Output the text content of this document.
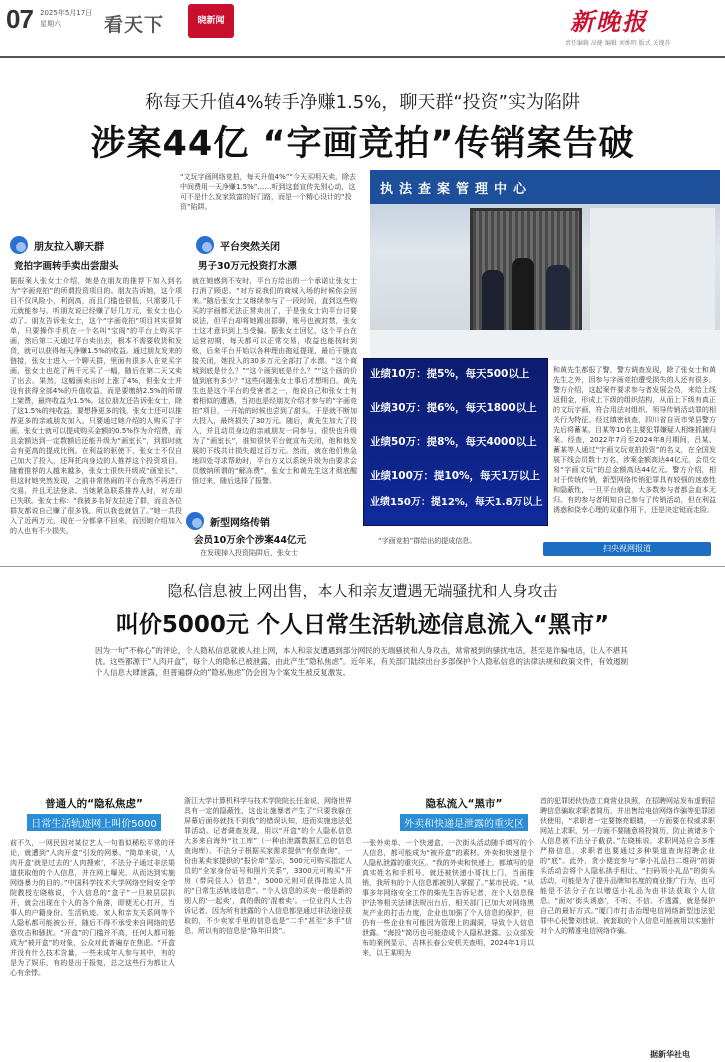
07 2025年5月17日
星期六 看天下	晓新闻	新晚报
责任编辑 高健 编辑 刘炼明 版式 关键苏
称每天升值4%转手净赚1.5%，聊天群“投资”实为陷阱
涉案44亿 “字画竞拍”传销案告破
“文玩字画网络竞拍，每天升值4%”“今天买明天卖，除去中间费用一天净赚1.5%”……听到这套宣传先别心动，这可不是什么发家致富的好门路，而是一个精心设计的“投资”陷阱。
执法查案管理中心
业绩10万：提5%，每天500以上
业绩30万：提6%，每天1800以上
业绩50万：提8%，每天4000以上
业绩100万：提10%，每天1万以上
业绩150万：提12%，每天1.8万以上
“字画竞拍”群给出的提成信息。
扫央视网报道
朋友拉入聊天群
竞拍字画转手卖出尝甜头
平台突然关闭
男子30万元投资打水漂
据报案人张女士介绍，她是在朋友的推荐下加入到名为“字画竞拍”的所谓投资项目的。朋友告诉她，这个项目不仅风险小，利润高，而且门槛也很低，只需要几千元就能参与。听朋友说已经赚了好几万元，张女士也心动了。朋友告诉张女士，这个“字画竞拍”项目其实很简单，只要操作手机在一个名叫“宝阁”的平台上购买字画，然后第二天通过平台卖出去，根本不需要收货和发货，就可以获得每天净赚1.5%的收益。通过朋友发来的链接，张女士进入一个聊天群，里面有很多人在竞买字画，张女士也花了两千元买了一幅，随后在第二天又卖了出去。果然，这幅画卖出时上涨了4%，但张女士并没有获得全部4%的升值收益，而是要缴纳2.5%的所谓上架费，最终收益为1.5%。这位朋友还告诉张女士，除了这1.5%的纯收益，要想挣更多的钱，张女士还可以推荐更多的亲戚朋友加入。只要通过她介绍的人购买了字画，张女士就可以提成购买金额的0.5%作为介绍费，而且金额达到一定数额后还能升级为“画室长”，到那时就会有更高的提成比例。在利益的驱使下，张女士不仅自己加大了投入，还拜托向身边的人推荐这个投资项目。随着推荐的人越来越多，张女士很快升级成“画室长”，但这时她突然发现，之前非常热闹的平台竟然不再进行交易，并且无法登录。当她紧急联系推荐人时，对方却已失联。张女士称：“我被多名好友拉进了群，而且各位群友都说自己赚了很多钱，所以我也就信了。”她一共投入了近两万元，现在一分都拿不回来，而因她介绍加入的人也有不少损失。
就在她感到不安时，平台方给出的一个承诺让张女士打消了顾虑。“对方说我们的商城入场的时候你会回来。”随后张女士又继续参与了一段时间，直到这些购买的字画都无法正常卖出了，于是张女士向平台讨要说法，但平台却将她踢出群聊，账号也被封禁，张女士这才意识到上当受骗。据张女士回忆，这个平台在运营初期，每天都可以正常交易，收益也能按时到账，后来平台开始以各种理由拖延提现，最后干脆直接关闭，她投入的30多万元全部打了水漂。“这个商城到底是什么？”“这个画到底是什么？”“这个画的价值到底有多少？”这些问题张女士事后才想明白。黄先生也是这个平台的受害者之一，他说自己和张女士有着相似的遭遇，当初也是经朋友介绍才参与的“字画竞拍”项目，一开始的时候也尝到了甜头，于是就不断加大投入，最终损失了30万元。随后，黄先生加大了投入，并且动员身边的亲戚朋友一同参与，很快也升级为了“画室长”，谁知很快平台就宣布关闭，他和他发展的下线共计损失超过百万元。然而，就在他们焦急地四处寻求帮助时，平台方又以系统升级为由要求会员缴纳所谓的“解冻费”，张女士和黄先生这才彻底醒悟过来，随后选择了报警。
新型网络传销
会员10万余个涉案44亿元
在发现掉入投资陷阱后，张女士
和黄先生都报了警，警方调查发现，除了张女士和黄先生之外，因参与字画竞拍遭受损失的人还有很多。警方介绍，这起案件要求参与者发展会员，来给上线返佣金，形成上下级的组织结构，从而上下级有真正的文玩字画，符合用法对组织、领导传销活动罪的相关行为特征。经过缜密侦查，四川省自贡市荣县警方先后将蓄某、目某等10名主要犯罪嫌疑人相继抓捕归案。经查，2022年7月至2024年8月期间，吕某、蓄某等人通过“字画文玩竞拍投资”的名义，在全国发展下线会员数十万名，涉案金额高达44亿元，会员交易“字画文玩”的总金额高达44亿元。警方介绍，相对于传统传销，新型网络传销犯罪具有较强的迷惑性和隐蔽性，一旦平台崩盘，大多数参与者都会血本无归。有的参与者明知自己参与了传销活动，但在利益诱惑和侥幸心理的双重作用下，还是决定铤而走险。
隐私信息被上网出售，本人和亲友遭遇无端骚扰和人身攻击
叫价5000元 个人日常生活轨迹信息流入“黑市”
因为一句“不称心”的评论，个人隐私信息就被人挂上网，本人和亲友遭遇到部分网民的无端骚扰和人身攻击，常常被到的骚扰电话，甚至是诈骗电话，让人不堪其扰。这些都源于“人肉开盒”，每个人的隐私已被泄露，由此产生“隐私焦虑”。近年来，有关部门陆续出台多部保护个人隐私信息的法律法规和政策文件，有效遏制个人信息大肆泄露，但普遍群众的“隐私焦虑”仍会因为个案发生被反复激发。
普通人的“隐私焦虑”
日常生活轨迹网上叫价5000
隐私流入“黑市”
外卖和快递是泄露的重灾区
前不久，一网民因对某位艺人一句看似稀松平常的评论，就遭到“人肉开盒”引发的网暴。“简单来说，‘人肉开盒’就是过去的‘人肉搜索’，不法分子通过非法渠道获取他的个人信息，并在网上曝光，从而达到实施网络暴力的目的。”中国科学技术大学网络空间安全学院教授左晓栋说，个人信息的“盒子”一旦被层层扒开，就会出现在个人的各个角落，即便无心打开，当事人的户籍身份、生活轨迹、家人和亲友关系网等个人隐私都可能被公开，随后不得不承受来自网络的恶意攻击和骚扰。“开盒”的门槛并不高，任何人都可能成为“被开盒”的对象，公众对此普遍存在焦虑。“开盒并没有什么技术含量，一些未成年人参与其中，有的是为了娱乐，有的是出于报复，总之这些行为都让人心有余悸。
浙江大学计算机科学与技术学院院长任奎说，网络世界具有一定的隐蔽性，这也让施暴者产生了“只要我躲在屏幕后面你就找不到我”的错误认知，进而实施违法犯罪活动。记者调查发现，用以“开盒”的个人隐私信息大多来自海外“社工库”（一种由泄露数据汇总的信息查询库）。不法分子根据买家需求提供“有偿查询”，一份由某卖家提供的“报价单”显示，500元可购买指定人员的“全家身份证号和照片关系”，3300元可购买“开房（带同住人）信息”，5000元则可获得指定人员的“日常生活轨迹信息”。“个人信息的买卖一般是新的别人的‘一起卖’，真的假的‘混着卖’。一位业内人士告诉记者，因为所有泄露的个人信息都是通过非法途径获取的，不少卖家手里的信息也是“二手”甚至“多手”信息，所以有的信息是“陈年旧货”。
一张外卖单、一个快递盒、一次街头活动随手填写的个人信息，都可能成为“被开盒”的素材。外卖和快递是个人隐私泄露的重灾区。“我的外卖和快递上，都填写的是真实姓名和手机号，就还被快递小哥找上门，当面推销，我所有的个人信息都被别人掌握了。”某市民说。“从事多年网络安全工作的柴先生告诉记者，在个人信息保护法等相关法律法规出台后，相关部门已加大对网络黑灰产业的打击力度，企业也加强了个人信息的保护，但仍有一些企业有可能因为管理上的漏洞，导致个人信息泄露。“海投”简历也可能造成个人隐私泄露。公众部发布的案例显示，吉林长春公安机关查明，2024年1月以来，以王某明为
首的犯罪团伙伪造工商营业执照，在招聘网站发布虚假招聘信息骗取求职者简历，并出售给电信网络诈骗等犯罪团伙使用，“求职者一定要擦亮眼睛，一方面要在权威求职网站上求职，另一方面不要随意将投简历，防止被诸多个人信息被不法分子截获。”左晓栋说，求职网站应合多维严格信息，求职者也要通过多种渠道查询招聘企业的“底”。此外，贪小便宜参与“拿小礼品扫二维码”的街头活动会将个人隐私拱手相让。“扫码领小礼品”的街头活动，可能是为了提升品牌知名度的商业推广行为，也可能是不法分子在以赠送小礼品为由非法获取个人信息。“面对‘街头诱惑’，不听、不信、不透露，就是保护自己的最好方式。”厦门市打击治理电信网络新型违法犯罪中心民警刘佳说，被套取的个人信息可能被用以实施针对个人的精准电信网络诈骗。
据新华社电
